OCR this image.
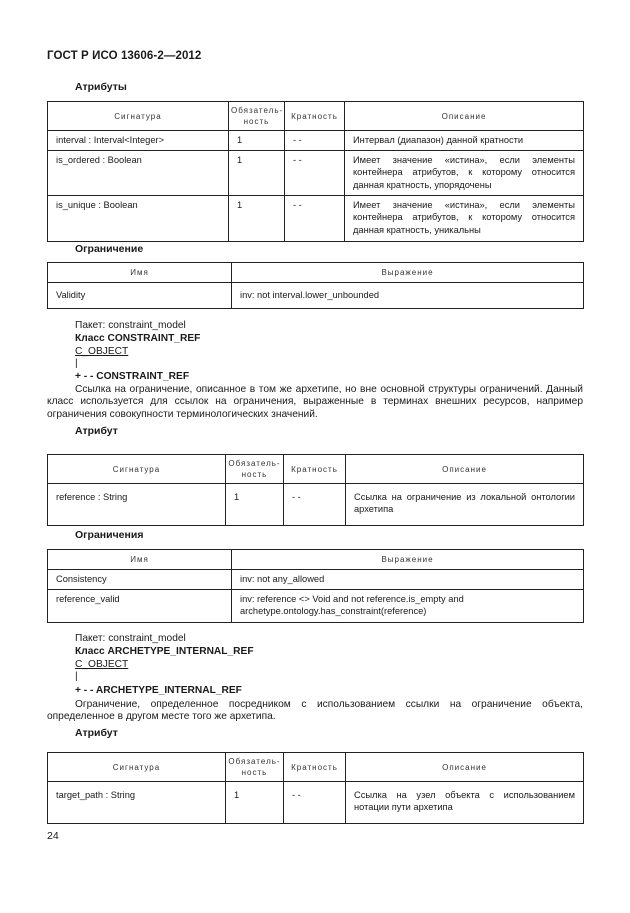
ГОСТ Р ИСО 13606-2—2012
Атрибуты
Сигнатура	Обязатель-ность	Кратность	Описание
interval : Interval<Integer>	1	- -	Интервал (диапазон) данной кратности
is_ordered : Boolean	1	- -	Имеет значение «истина», если элементы контейнера атрибутов, к которому относится данная кратность, упорядочены
is_unique : Boolean	1	- -	Имеет значение «истина», если элементы контейнера атрибутов, к которому относится данная кратность, уникальны
Ограничение
Имя	Выражение
Validity	inv: not interval.lower_unbounded
Пакет: constraint_model
Класс CONSTRAINT_REF
C_OBJECT
|
+ - - CONSTRAINT_REF
Ссылка на ограничение, описанное в том же архетипе, но вне основной структуры ограничений. Данный класс используется для ссылок на ограничения, выраженные в терминах внешних ресурсов, например ограничения совокупности терминологических значений.
Атрибут
Сигнатура	Обязатель-ность	Кратность	Описание
reference : String	1	- -	Ссылка на ограничение из локальной онтологии архетипа
Ограничения
Имя	Выражение
Consistency	inv: not any_allowed
reference_valid	inv: reference <> Void and not reference.is_empty and archetype.ontology.has_constraint(reference)
Пакет: constraint_model
Класс ARCHETYPE_INTERNAL_REF
C_OBJECT
|
+ - - ARCHETYPE_INTERNAL_REF
Ограничение, определенное посредником с использованием ссылки на ограничение объекта, определенное в другом месте того же архетипа.
Атрибут
Сигнатура	Обязатель-ность	Кратность	Описание
target_path : String	1	- -	Ссылка на узел объекта с использованием нотации пути архетипа
24
